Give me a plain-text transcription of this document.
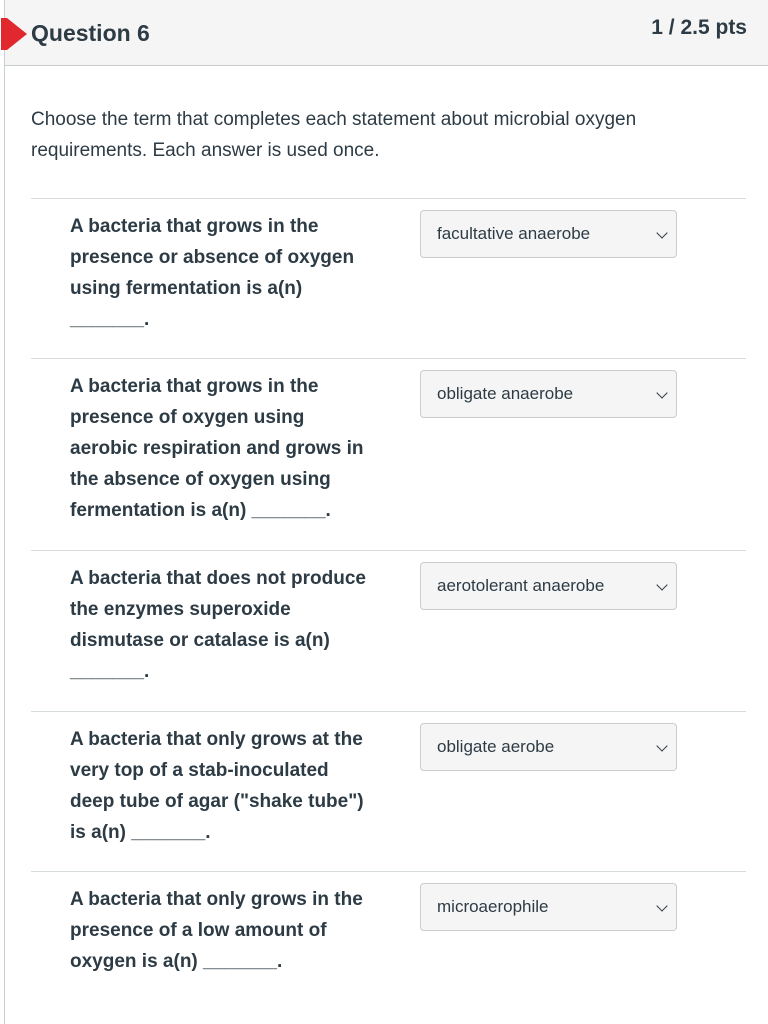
Question 6	1 / 2.5 pts
Choose the term that completes each statement about microbial oxygen requirements. Each answer is used once.
A bacteria that grows in the presence or absence of oxygen using fermentation is a(n) _______.
facultative anaerobe
A bacteria that grows in the presence of oxygen using aerobic respiration and grows in the absence of oxygen using fermentation is a(n) _______.
obligate anaerobe
A bacteria that does not produce the enzymes superoxide dismutase or catalase is a(n) _______.
aerotolerant anaerobe
A bacteria that only grows at the very top of a stab-inoculated deep tube of agar ("shake tube") is a(n) _______.
obligate aerobe
A bacteria that only grows in the presence of a low amount of oxygen is a(n) _______.
microaerophile
